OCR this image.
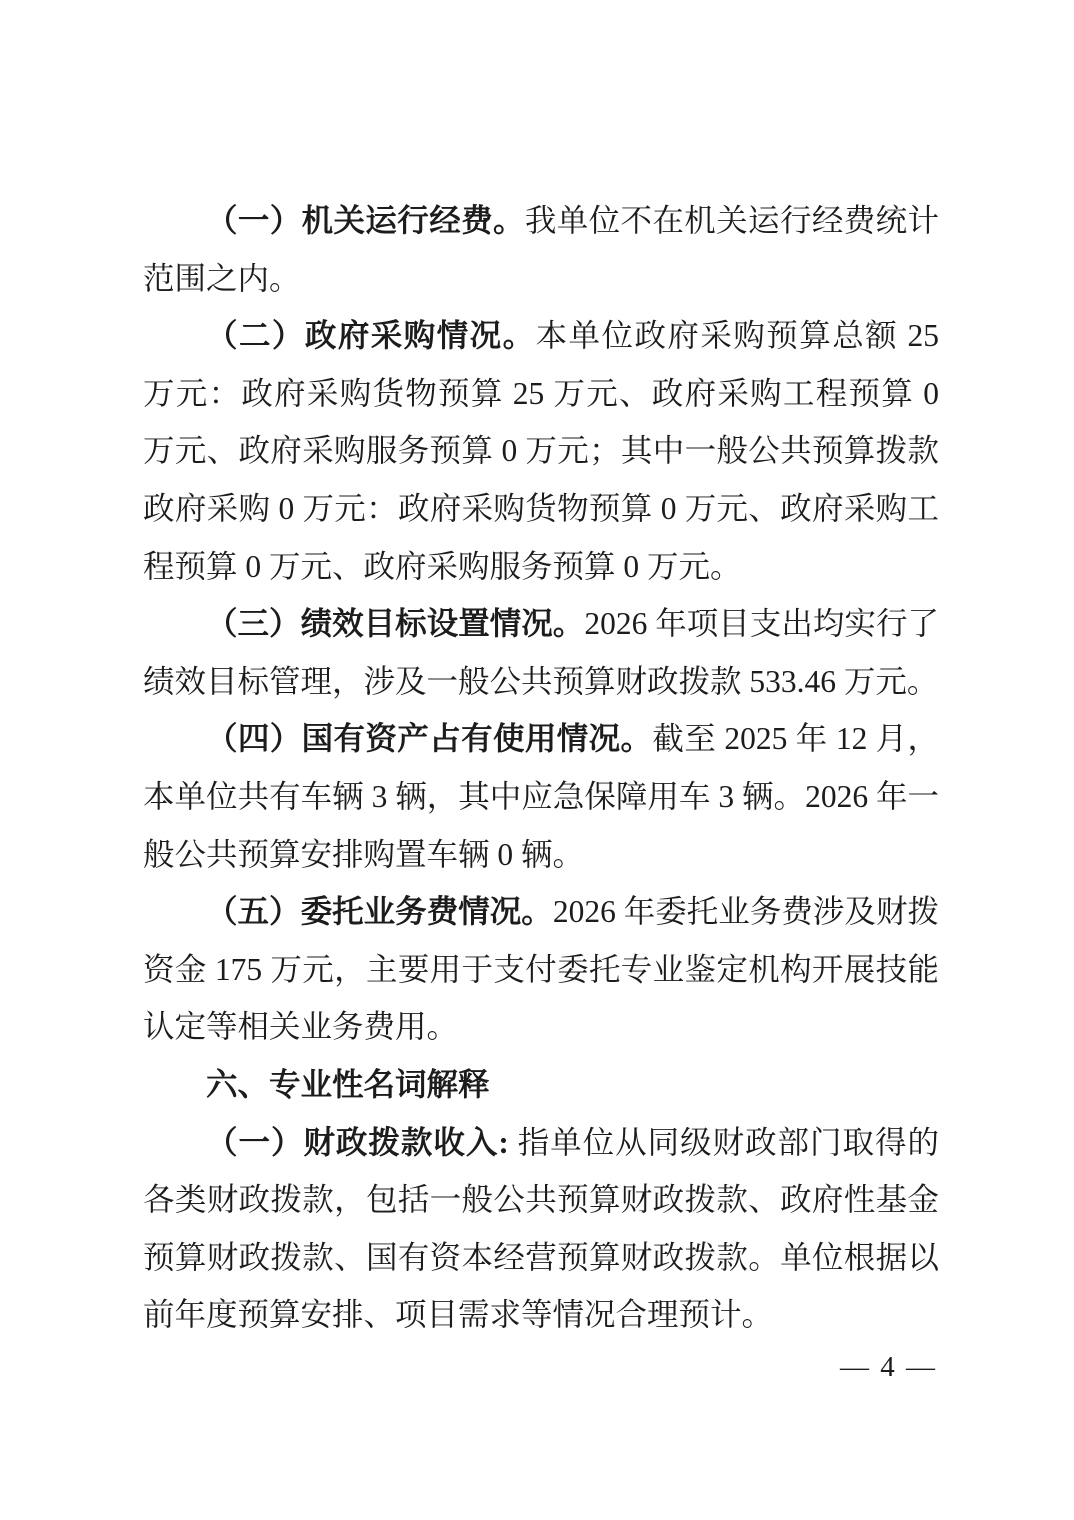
（一）机关运行经费。我单位不在机关运行经费统计范围之内。

（二）政府采购情况。本单位政府采购预算总额 25 万元：政府采购货物预算 25 万元、政府采购工程预算 0 万元、政府采购服务预算 0 万元；其中一般公共预算拨款政府采购 0 万元：政府采购货物预算 0 万元、政府采购工程预算 0 万元、政府采购服务预算 0 万元。

（三）绩效目标设置情况。2026 年项目支出均实行了绩效目标管理，涉及一般公共预算财政拨款 533.46 万元。

（四）国有资产占有使用情况。截至 2025 年 12 月，本单位共有车辆 3 辆，其中应急保障用车 3 辆。2026 年一般公共预算安排购置车辆 0 辆。

（五）委托业务费情况。2026 年委托业务费涉及财拨资金 175 万元，主要用于支付委托专业鉴定机构开展技能认定等相关业务费用。

六、专业性名词解释

（一）财政拨款收入: 指单位从同级财政部门取得的各类财政拨款，包括一般公共预算财政拨款、政府性基金预算财政拨款、国有资本经营预算财政拨款。单位根据以前年度预算安排、项目需求等情况合理预计。

— 4 —
